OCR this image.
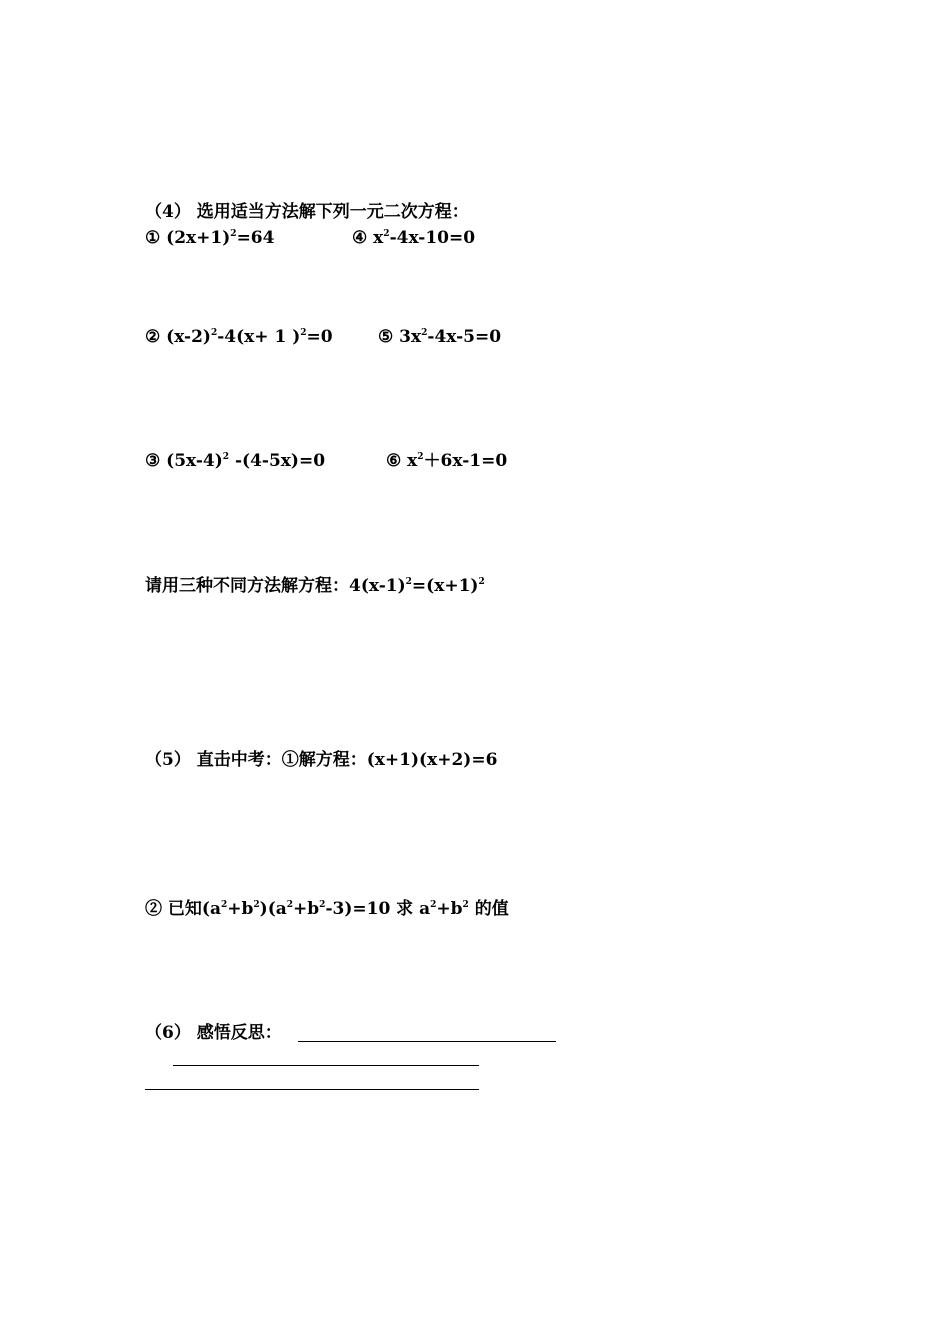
（4） 选用适当方法解下列一元二次方程：
① $(2x+1)^2=64$	④ $x^2-4x-10=0$
② $(x-2)^2-4(x+ 1$ )$^2$=0	⑤ $3x^2-4x-5=0$
③ $(5x-4)^2$ -(4-5x)=0	⑥ $x^2+6x-1=0$
请用三种不同方法解方程：$4(x-1)^2=(x+1)^2$
（5） 直击中考：①解方程：(x+1)(x+2)=6
② 已知$(a^2+b^2)(a^2+b^2-3)=10$ 求 $a^2+b^2$ 的值
（6） 感悟反思：
